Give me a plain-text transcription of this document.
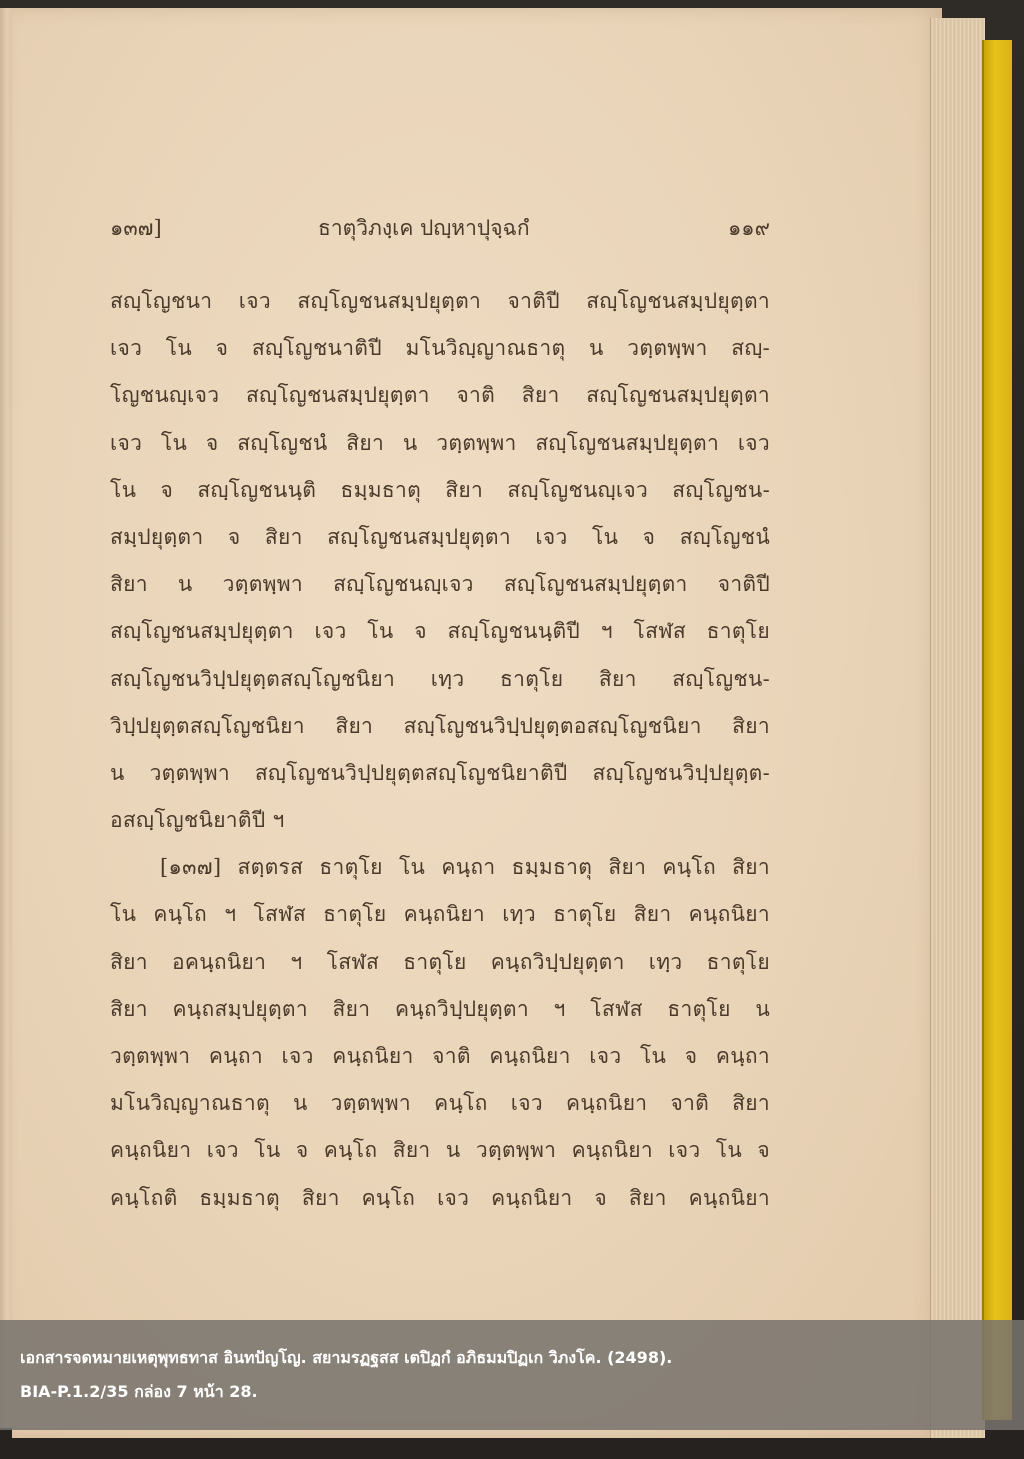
๑๓๗]	ธาตุวิภงฺเค ปญฺหาปุจฺฉกํ	๑๑๙
สญฺโญชนา เจว สญฺโญชนสมฺปยุตฺตา จาติปี สญฺโญชนสมฺปยุตฺตา
เจว โน จ สญฺโญชนาติปี มโนวิญฺญาณธาตุ น วตฺตพฺพา สญฺ-
โญชนญฺเจว สญฺโญชนสมฺปยุตฺตา จาติ สิยา สญฺโญชนสมฺปยุตฺตา
เจว โน จ สญฺโญชนํ สิยา น วตฺตพฺพา สญฺโญชนสมฺปยุตฺตา เจว
โน จ สญฺโญชนนฺติ ธมฺมธาตุ สิยา สญฺโญชนญฺเจว สญฺโญชน-
สมฺปยุตฺตา จ สิยา สญฺโญชนสมฺปยุตฺตา เจว โน จ สญฺโญชนํ
สิยา น วตฺตพฺพา สญฺโญชนญฺเจว สญฺโญชนสมฺปยุตฺตา จาติปี
สญฺโญชนสมฺปยุตฺตา เจว โน จ สญฺโญชนนฺติปี ฯ โสฬส ธาตุโย
สญฺโญชนวิปฺปยุตฺตสญฺโญชนิยา เทฺว ธาตุโย สิยา สญฺโญชน-
วิปฺปยุตฺตสญฺโญชนิยา สิยา สญฺโญชนวิปฺปยุตฺตอสญฺโญชนิยา สิยา
น วตฺตพฺพา สญฺโญชนวิปฺปยุตฺตสญฺโญชนิยาติปี สญฺโญชนวิปฺปยุตฺต-
อสญฺโญชนิยาติปี ฯ
[๑๓๗] สตฺตรส ธาตุโย โน คนฺถา ธมฺมธาตุ สิยา คนฺโถ สิยา
โน คนฺโถ ฯ โสฬส ธาตุโย คนฺถนิยา เทฺว ธาตุโย สิยา คนฺถนิยา
สิยา อคนฺถนิยา ฯ โสฬส ธาตุโย คนฺถวิปฺปยุตฺตา เทฺว ธาตุโย
สิยา คนฺถสมฺปยุตฺตา สิยา คนฺถวิปฺปยุตฺตา ฯ โสฬส ธาตุโย น
วตฺตพฺพา คนฺถา เจว คนฺถนิยา จาติ คนฺถนิยา เจว โน จ คนฺถา
มโนวิญฺญาณธาตุ น วตฺตพฺพา คนฺโถ เจว คนฺถนิยา จาติ สิยา
คนฺถนิยา เจว โน จ คนฺโถ สิยา น วตฺตพฺพา คนฺถนิยา เจว โน จ
คนฺโถติ ธมฺมธาตุ สิยา คนฺโถ เจว คนฺถนิยา จ สิยา คนฺถนิยา
เอกสารจดหมายเหตุพุทธทาส อินทปัญโญ. สยามรฏฐสส เตปิฏกํ อภิธมมปิฏเก วิภงโค. (2498).
BIA-P.1.2/35 กล่อง 7 หน้า 28.
